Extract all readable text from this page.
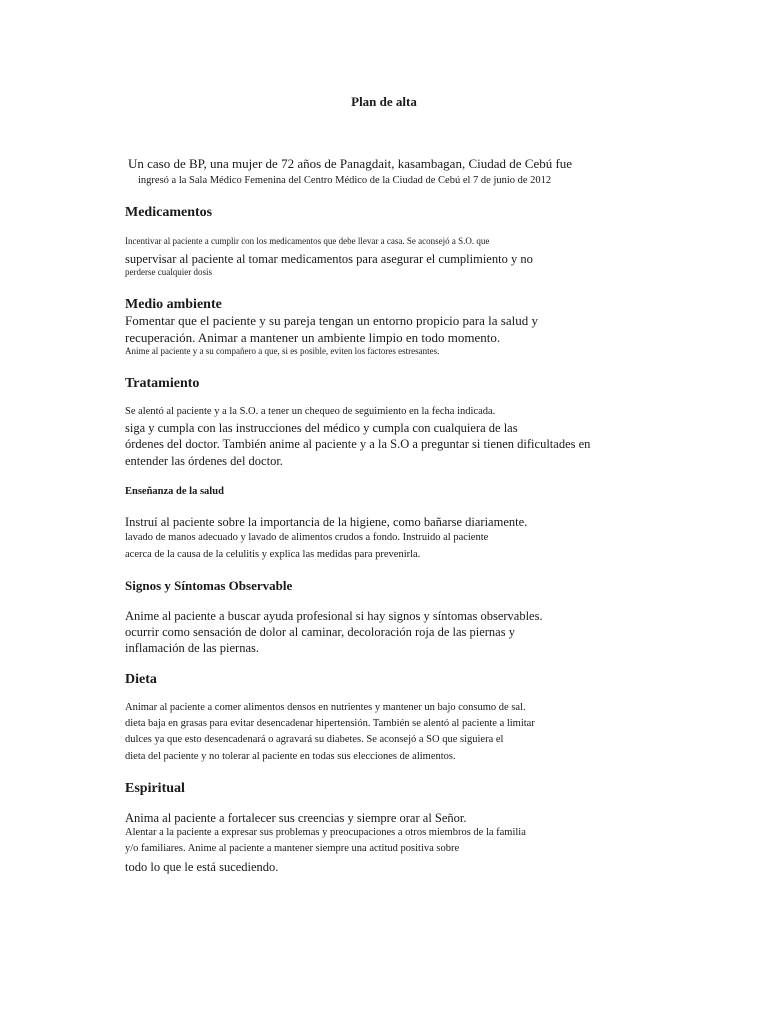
Plan de alta

Un caso de BP, una mujer de 72 años de Panagdait, kasambagan, Ciudad de Cebú fue

ingresó a la Sala Médico Femenina del Centro Médico de la Ciudad de Cebú el 7 de junio de 2012

Medicamentos

Incentivar al paciente a cumplir con los medicamentos que debe llevar a casa. Se aconsejó a S.O. que

supervisar al paciente al tomar medicamentos para asegurar el cumplimiento y no

perderse cualquier dosis

Medio ambiente

Fomentar que el paciente y su pareja tengan un entorno propicio para la salud y

recuperación. Animar a mantener un ambiente limpio en todo momento.

Anime al paciente y a su compañero a que, si es posible, eviten los factores estresantes.

Tratamiento

Se alentó al paciente y a la S.O. a tener un chequeo de seguimiento en la fecha indicada.

siga y cumpla con las instrucciones del médico y cumpla con cualquiera de las

órdenes del doctor. También anime al paciente y a la S.O a preguntar si tienen dificultades en

entender las órdenes del doctor.

Enseñanza de la salud

Instruí al paciente sobre la importancia de la higiene, como bañarse diariamente.

lavado de manos adecuado y lavado de alimentos crudos a fondo. Instruido al paciente

acerca de la causa de la celulitis y explica las medidas para prevenirla.

Signos y Síntomas Observable

Anime al paciente a buscar ayuda profesional si hay signos y síntomas observables.

ocurrir como sensación de dolor al caminar, decoloración roja de las piernas y

inflamación de las piernas.

Dieta

Animar al paciente a comer alimentos densos en nutrientes y mantener un bajo consumo de sal.

dieta baja en grasas para evitar desencadenar hipertensión. También se alentó al paciente a limitar

dulces ya que esto desencadenará o agravará su diabetes. Se aconsejó a SO que siguiera el

dieta del paciente y no tolerar al paciente en todas sus elecciones de alimentos.

Espiritual

Anima al paciente a fortalecer sus creencias y siempre orar al Señor.

Alentar a la paciente a expresar sus problemas y preocupaciones a otros miembros de la familia

y/o familiares. Anime al paciente a mantener siempre una actitud positiva sobre

todo lo que le está sucediendo.
